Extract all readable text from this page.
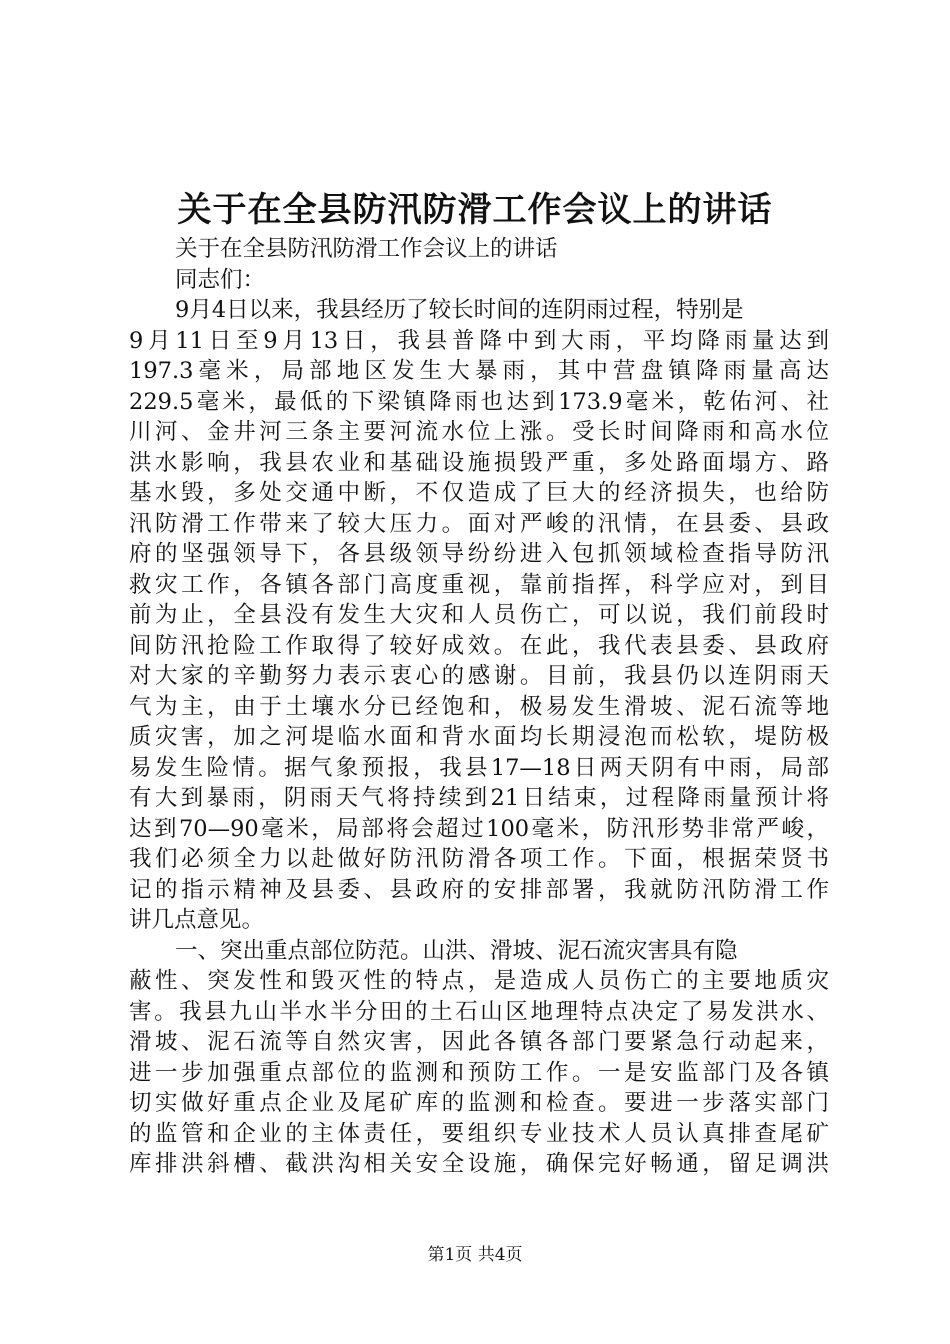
关于在全县防汛防滑工作会议上的讲话
关于在全县防汛防滑工作会议上的讲话
同志们：
9月4日以来，我县经历了较长时间的连阴雨过程，特别是
9月11日至9月13日，我县普降中到大雨，平均降雨量达到
197.3毫米，局部地区发生大暴雨，其中营盘镇降雨量高达
229.5毫米，最低的下梁镇降雨也达到173.9毫米，乾佑河、社
川河、金井河三条主要河流水位上涨。受长时间降雨和高水位
洪水影响，我县农业和基础设施损毁严重，多处路面塌方、路
基水毁，多处交通中断，不仅造成了巨大的经济损失，也给防
汛防滑工作带来了较大压力。面对严峻的汛情，在县委、县政
府的坚强领导下，各县级领导纷纷进入包抓领域检查指导防汛
救灾工作，各镇各部门高度重视，靠前指挥，科学应对，到目
前为止，全县没有发生大灾和人员伤亡，可以说，我们前段时
间防汛抢险工作取得了较好成效。在此，我代表县委、县政府
对大家的辛勤努力表示衷心的感谢。目前，我县仍以连阴雨天
气为主，由于土壤水分已经饱和，极易发生滑坡、泥石流等地
质灾害，加之河堤临水面和背水面均长期浸泡而松软，堤防极
易发生险情。据气象预报，我县17—18日两天阴有中雨，局部
有大到暴雨，阴雨天气将持续到21日结束，过程降雨量预计将
达到70—90毫米，局部将会超过100毫米，防汛形势非常严峻，
我们必须全力以赴做好防汛防滑各项工作。下面，根据荣贤书
记的指示精神及县委、县政府的安排部署，我就防汛防滑工作
讲几点意见。
一、突出重点部位防范。山洪、滑坡、泥石流灾害具有隐
蔽性、突发性和毁灭性的特点，是造成人员伤亡的主要地质灾
害。我县九山半水半分田的土石山区地理特点决定了易发洪水、
滑坡、泥石流等自然灾害，因此各镇各部门要紧急行动起来，
进一步加强重点部位的监测和预防工作。一是安监部门及各镇
切实做好重点企业及尾矿库的监测和检查。要进一步落实部门
的监管和企业的主体责任，要组织专业技术人员认真排查尾矿
库排洪斜槽、截洪沟相关安全设施，确保完好畅通，留足调洪
第1页 共4页
